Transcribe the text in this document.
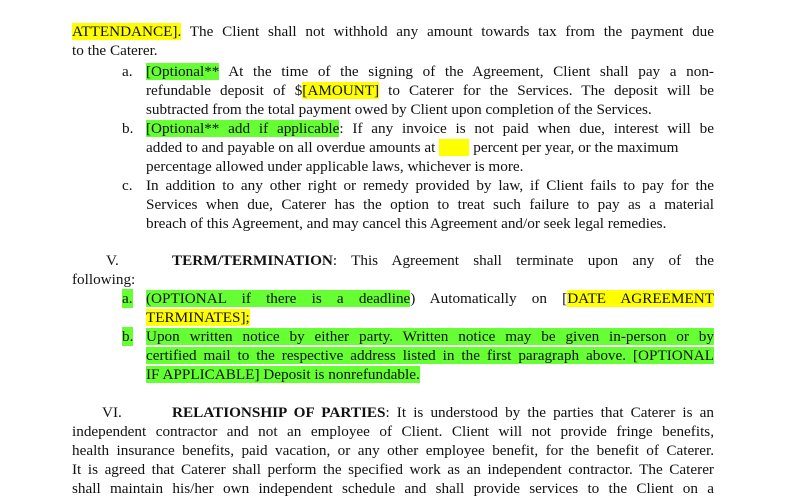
ATTENDANCE]. The Client shall not withhold any amount towards tax from the payment due
to the Caterer.
a. [Optional** At the time of the signing of the Agreement, Client shall pay a non-
refundable deposit of $[AMOUNT] to Caterer for the Services. The deposit will be
subtracted from the total payment owed by Client upon completion of the Services.
b. [Optional** add if applicable: If any invoice is not paid when due, interest will be
added to and payable on all overdue amounts at ____ percent per year, or the maximum
percentage allowed under applicable laws, whichever is more.
c. In addition to any other right or remedy provided by law, if Client fails to pay for the
Services when due, Caterer has the option to treat such failure to pay as a material
breach of this Agreement, and may cancel this Agreement and/or seek legal remedies.
V.	TERM/TERMINATION: This Agreement shall terminate upon any of the
following:
a. (OPTIONAL if there is a deadline) Automatically on [DATE AGREEMENT
TERMINATES];
b. Upon written notice by either party. Written notice may be given in-person or by
certified mail to the respective address listed in the first paragraph above. [OPTIONAL
IF APPLICABLE] Deposit is nonrefundable.
VI.	RELATIONSHIP OF PARTIES: It is understood by the parties that Caterer is an
independent contractor and not an employee of Client. Client will not provide fringe benefits,
health insurance benefits, paid vacation, or any other employee benefit, for the benefit of Caterer.
It is agreed that Caterer shall perform the specified work as an independent contractor. The Caterer
shall maintain his/her own independent schedule and shall provide services to the Client on a
